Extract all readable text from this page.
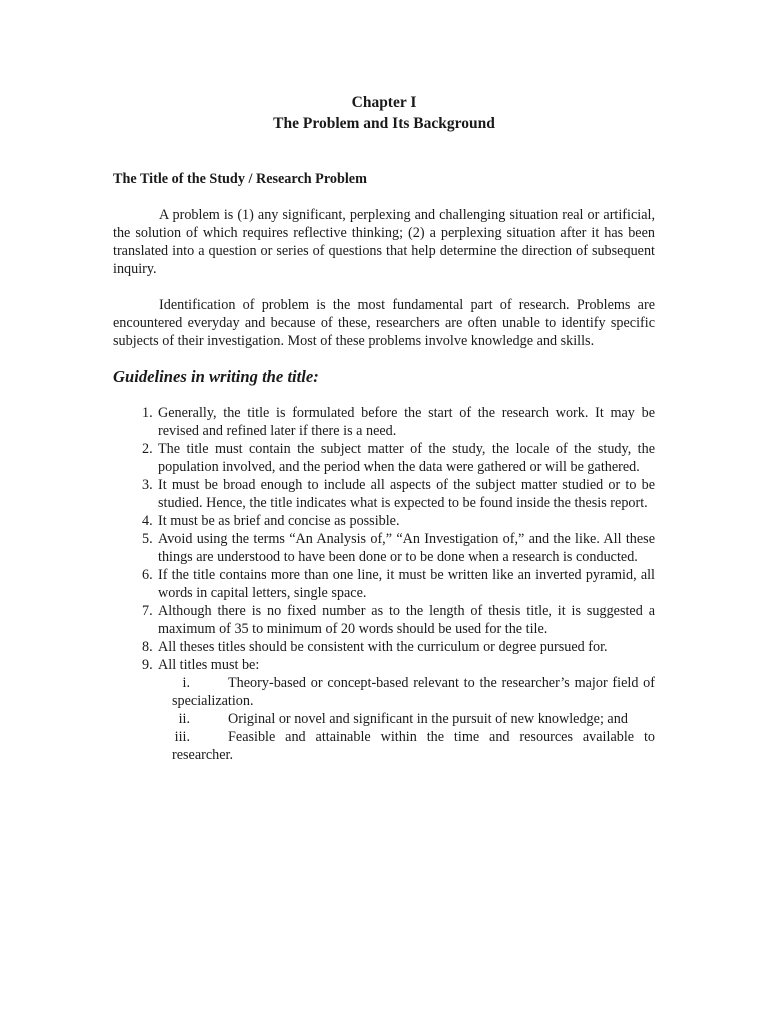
Chapter I
The Problem and Its Background
The Title of the Study / Research Problem

A problem is (1) any significant, perplexing and challenging situation real or artificial, the solution of which requires reflective thinking; (2) a perplexing situation after it has been translated into a question or series of questions that help determine the direction of subsequent inquiry.

Identification of problem is the most fundamental part of research. Problems are encountered everyday and because of these, researchers are often unable to identify specific subjects of their investigation. Most of these problems involve knowledge and skills.

Guidelines in writing the title:
1. Generally, the title is formulated before the start of the research work. It may be revised and refined later if there is a need.
2. The title must contain the subject matter of the study, the locale of the study, the population involved, and the period when the data were gathered or will be gathered.
3. It must be broad enough to include all aspects of the subject matter studied or to be studied. Hence, the title indicates what is expected to be found inside the thesis report.
4. It must be as brief and concise as possible.
5. Avoid using the terms “An Analysis of,” “An Investigation of,” and the like. All these things are understood to have been done or to be done when a research is conducted.
6. If the title contains more than one line, it must be written like an inverted pyramid, all words in capital letters, single space.
7. Although there is no fixed number as to the length of thesis title, it is suggested a maximum of 35 to minimum of 20 words should be used for the tile.
8. All theses titles should be consistent with the curriculum or degree pursued for.
9. All titles must be:
i.	Theory-based or concept-based relevant to the researcher’s major field of specialization.
ii.	Original or novel and significant in the pursuit of new knowledge; and
iii.	Feasible and attainable within the time and resources available to researcher.
